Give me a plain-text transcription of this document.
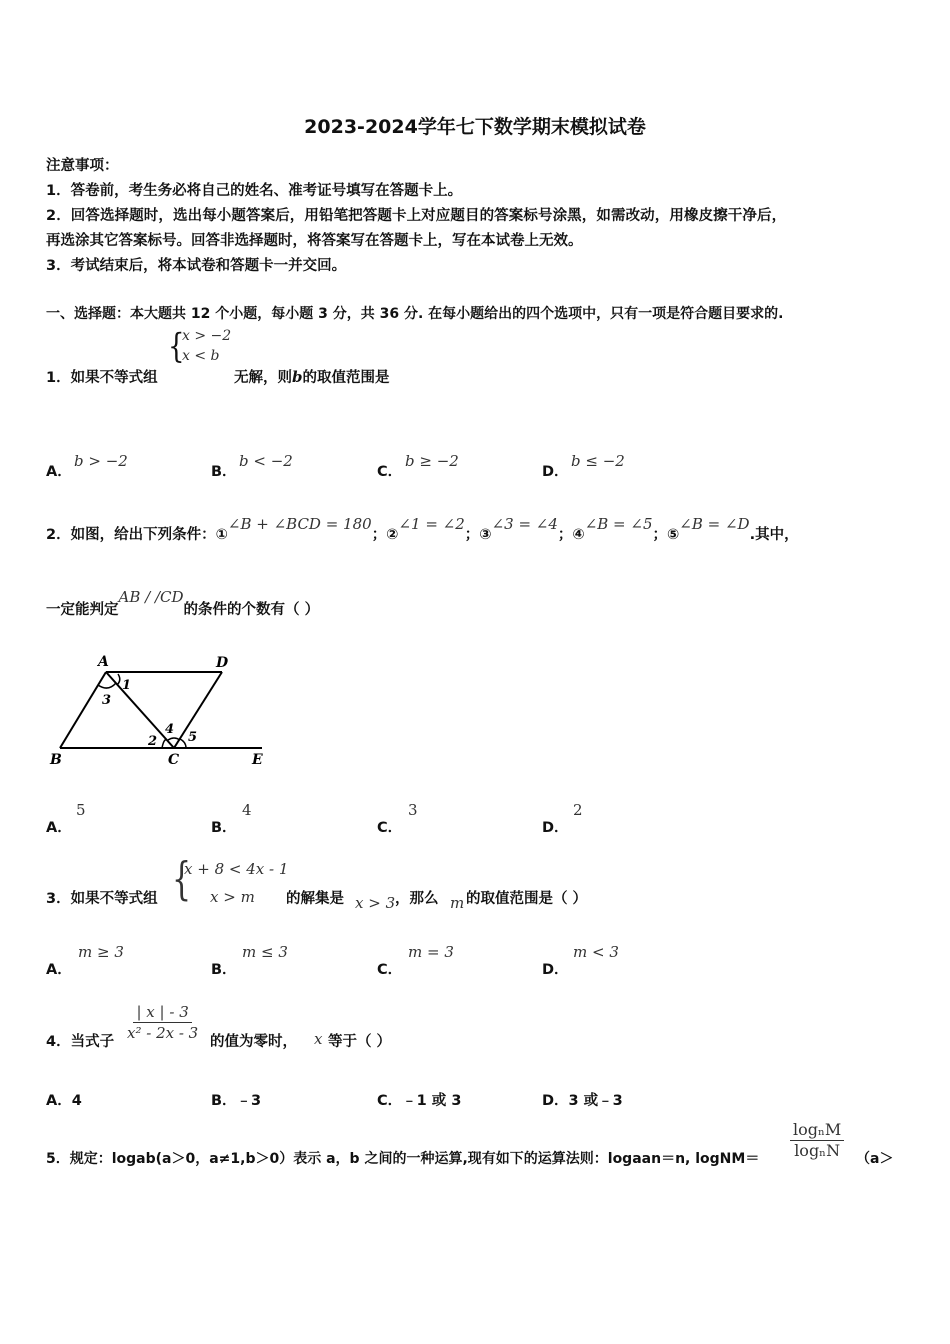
2023-2024学年七下数学期末模拟试卷
注意事项：
1．答卷前，考生务必将自己的姓名、准考证号填写在答题卡上。
2．回答选择题时，选出每小题答案后，用铅笔把答题卡上对应题目的答案标号涂黑，如需改动，用橡皮擦干净后，
再选涂其它答案标号。回答非选择题时，将答案写在答题卡上，写在本试卷上无效。
3．考试结束后，将本试卷和答题卡一并交回。
一、选择题：本大题共 12 个小题，每小题 3 分，共 36 分. 在每小题给出的四个选项中，只有一项是符合题目要求的.
1．如果不等式组
{
x > −2
x < b
无解，则b的取值范围是
A．
b > −2
B．
b < −2
C．
b ≥ −2
D．
b ≤ −2
2．如图，给出下列条件：①∠B + ∠BCD = 180；②∠1 = ∠2；③∠3 = ∠4；④∠B = ∠5；⑤∠B = ∠D.其中，
一定能判定AB / /CD的条件的个数有（ ）
A	D
B	C	E
1
3
4
2 5
A．
5
B．
4
C．
3
D．
2
3．如果不等式组 {
x + 8 < 4x - 1
x > m 的解集是 x > 3 ，那么 m 的取值范围是（ ）
A．
m ≥ 3
B．
m ≤ 3
C．
m = 3
D．
m < 3
4．当式子 $\frac{| x | - 3}{\text{x² - 2x - 3}}$ 的值为零时， x 等于（ ）
A．4	B．﹣3	C．﹣1 或 3	D．3 或﹣3
5．规定：logab(a＞0，a≠1,b＞0）表示 a，b 之间的一种运算,现有如下的运算法则：logaan＝n, logNM＝ $\frac{\text{logₙM}}{\text{logₙN}} (a>$
